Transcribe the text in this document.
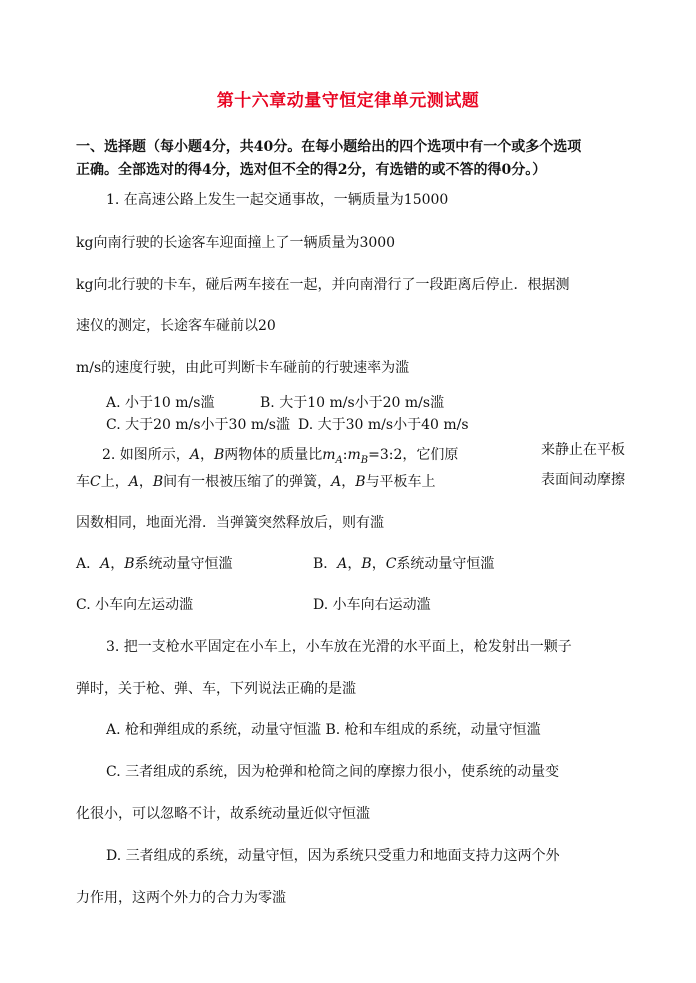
第十六章动量守恒定律单元测试题
一、选择题（每小题4分，共40分。在每小题给出的四个选项中有一个或多个选项
正确。全部选对的得4分，选对但不全的得2分，有选错的或不答的得0分。）
1. 在高速公路上发生一起交通事故，一辆质量为15000
kg向南行驶的长途客车迎面撞上了一辆质量为3000
kg向北行驶的卡车，碰后两车接在一起，并向南滑行了一段距离后停止．根据测
速仪的测定，长途客车碰前以20
m/s的速度行驶，由此可判断卡车碰前的行驶速率为滥
A. 小于10 m/s滥	B. 大于10 m/s小于20 m/s滥
C. 大于20 m/s小于30 m/s滥 D. 大于30 m/s小于40 m/s
2. 如图所示，A，B两物体的质量比$m_A:m_B=3:2$，它们原	来静止在平板
车C上，A，B间有一根被压缩了的弹簧，A，B与平板车上	表面间动摩擦
因数相同，地面光滑．当弹簧突然释放后，则有滥
A．A，B系统动量守恒滥	B．A，B，C系统动量守恒滥
C. 小车向左运动滥	D. 小车向右运动滥
3. 把一支枪水平固定在小车上，小车放在光滑的水平面上，枪发射出一颗子
弹时，关于枪、弹、车，下列说法正确的是滥
A. 枪和弹组成的系统，动量守恒滥 B. 枪和车组成的系统，动量守恒滥
C. 三者组成的系统，因为枪弹和枪筒之间的摩擦力很小，使系统的动量变
化很小，可以忽略不计，故系统动量近似守恒滥
D. 三者组成的系统，动量守恒，因为系统只受重力和地面支持力这两个外
力作用，这两个外力的合力为零滥
